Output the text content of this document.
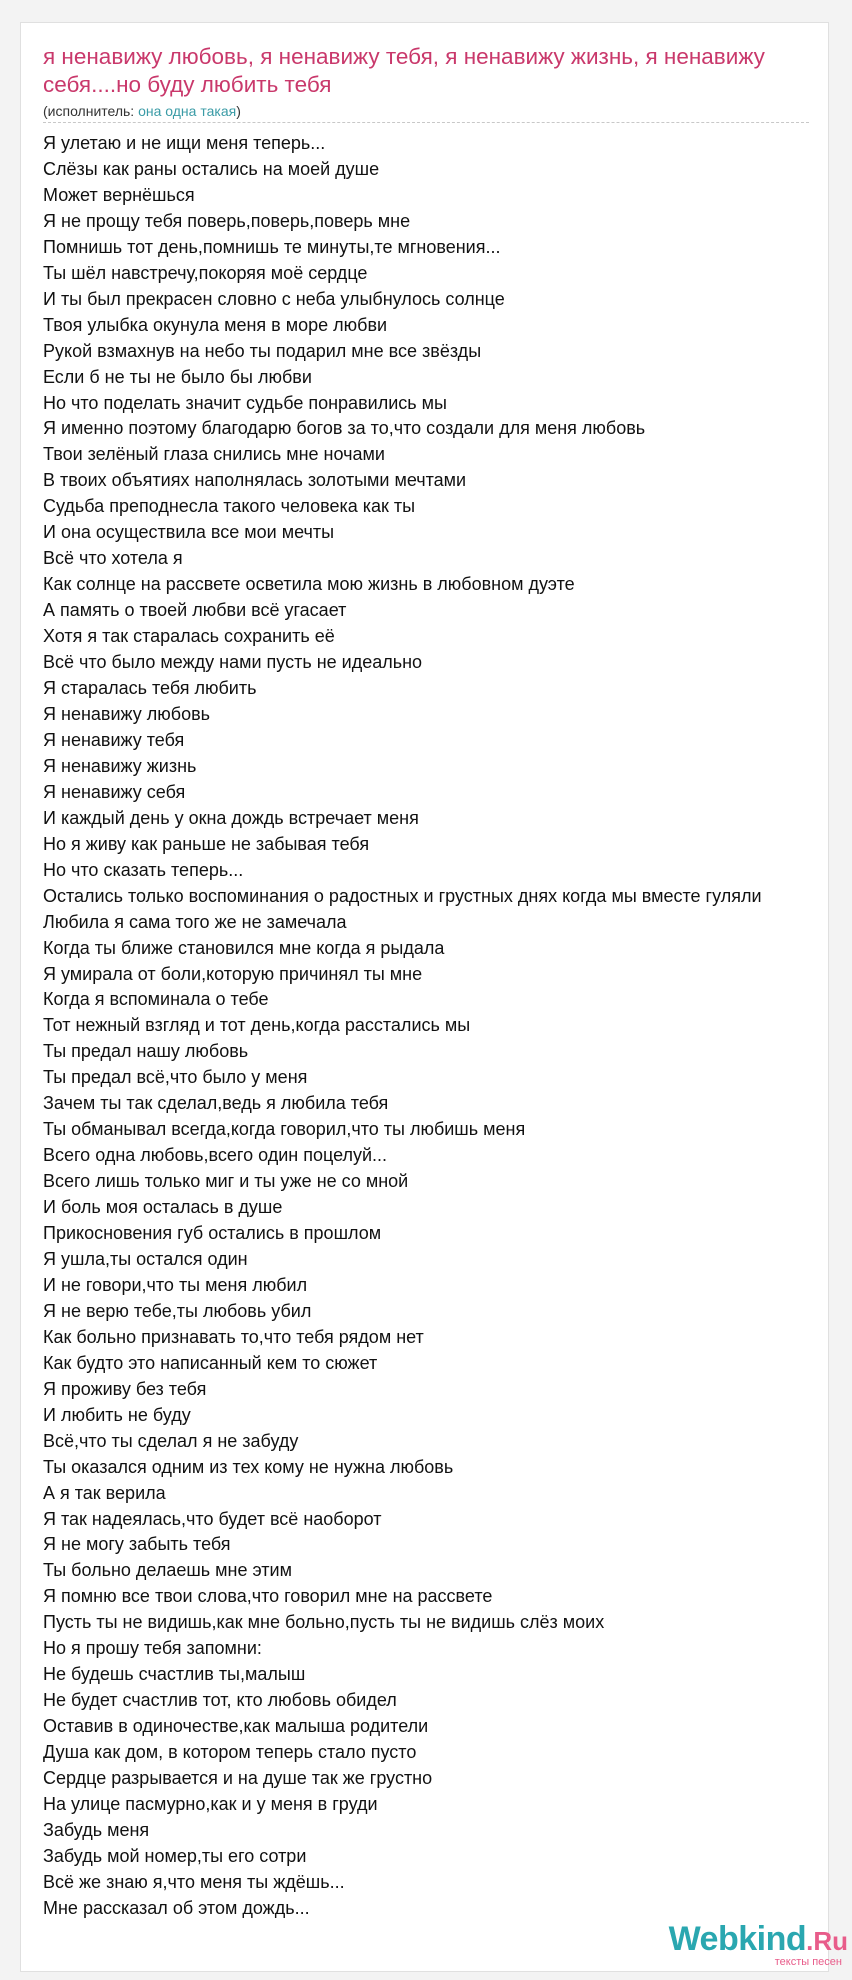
я ненавижу любовь, я ненавижу тебя, я ненавижу жизнь, я ненавижу себя....но буду любить тебя
(исполнитель: она одна такая)
Я улетаю и не ищи меня теперь...
Слёзы как раны остались на моей душе
Может вернёшься
Я не прощу тебя поверь,поверь,поверь мне
Помнишь тот день,помнишь те минуты,те мгновения...
Ты шёл навстречу,покоряя моё сердце
И ты был прекрасен словно с неба улыбнулось солнце
Твоя улыбка окунула меня в море любви
Рукой взмахнув на небо ты подарил мне все звёзды
Если б не ты не было бы любви
Но что поделать значит судьбе понравились мы
Я именно поэтому благодарю богов за то,что создали для меня любовь
Твои зелёный глаза снились мне ночами
В твоих объятиях наполнялась золотыми мечтами
Судьба преподнесла такого человека как ты
И она осуществила все мои мечты
Всё что хотела я
Как солнце на рассвете осветила мою жизнь в любовном дуэте
А память о твоей любви всё угасает
Хотя я так старалась сохранить её
Всё что было между нами пусть не идеально
Я старалась тебя любить
Я ненавижу любовь
Я ненавижу тебя
Я ненавижу жизнь
Я ненавижу себя
И каждый день у окна дождь встречает меня
Но я живу как раньше не забывая тебя
Но что сказать теперь...
Остались только воспоминания о радостных и грустных днях когда мы вместе гуляли
Любила я сама того же не замечала
Когда ты ближе становился мне когда я рыдала
Я умирала от боли,которую причинял ты мне
Когда я вспоминала о тебе
Тот нежный взгляд и тот день,когда расстались мы
Ты предал нашу любовь
Ты предал всё,что было у меня
Зачем ты так сделал,ведь я любила тебя
Ты обманывал всегда,когда говорил,что ты любишь меня
Всего одна любовь,всего один поцелуй...
Всего лишь только миг и ты уже не со мной
И боль моя осталась в душе
Прикосновения губ остались в прошлом
Я ушла,ты остался один
И не говори,что ты меня любил
Я не верю тебе,ты любовь убил
Как больно признавать то,что тебя рядом нет
Как будто это написанный кем то сюжет
Я проживу без тебя
И любить не буду
Всё,что ты сделал я не забуду
Ты оказался одним из тех кому не нужна любовь
А я так верила
Я так надеялась,что будет всё наоборот
Я не могу забыть тебя
Ты больно делаешь мне этим
Я помню все твои слова,что говорил мне на рассвете
Пусть ты не видишь,как мне больно,пусть ты не видишь слёз моих
Но я прошу тебя запомни:
Не будешь счастлив ты,малыш
Не будет счастлив тот, кто любовь обидел
Оставив в одиночестве,как малыша родители
Душа как дом, в котором теперь стало пусто
Сердце разрывается и на душе так же грустно
На улице пасмурно,как и у меня в груди
Забудь меня
Забудь мой номер,ты его сотри
Всё же знаю я,что меня ты ждёшь...
Мне рассказал об этом дождь...
Webkind.Ru
тексты песен
